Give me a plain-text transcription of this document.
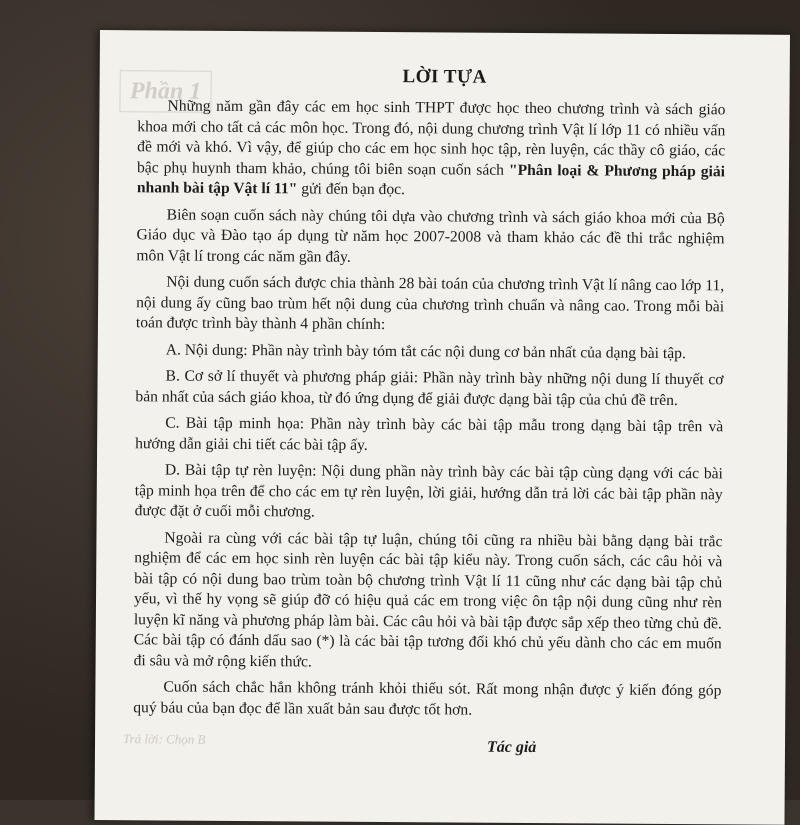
Phần 1
LỜI TỰA

Những năm gần đây các em học sinh THPT được học theo chương trình và sách giáo khoa mới cho tất cả các môn học. Trong đó, nội dung chương trình Vật lí lớp 11 có nhiều vấn đề mới và khó. Vì vậy, để giúp cho các em học sinh học tập, rèn luyện, các thầy cô giáo, các bậc phụ huynh tham khảo, chúng tôi biên soạn cuốn sách "Phân loại & Phương pháp giải nhanh bài tập Vật lí 11" gửi đến bạn đọc.

Biên soạn cuốn sách này chúng tôi dựa vào chương trình và sách giáo khoa mới của Bộ Giáo dục và Đào tạo áp dụng từ năm học 2007-2008 và tham khảo các đề thi trắc nghiệm môn Vật lí trong các năm gần đây.

Nội dung cuốn sách được chia thành 28 bài toán của chương trình Vật lí nâng cao lớp 11, nội dung ấy cũng bao trùm hết nội dung của chương trình chuẩn và nâng cao. Trong mỗi bài toán được trình bày thành 4 phần chính:

A. Nội dung: Phần này trình bày tóm tắt các nội dung cơ bản nhất của dạng bài tập.

B. Cơ sở lí thuyết và phương pháp giải: Phần này trình bày những nội dung lí thuyết cơ bản nhất của sách giáo khoa, từ đó ứng dụng để giải được dạng bài tập của chủ đề trên.

C. Bài tập minh họa: Phần này trình bày các bài tập mẫu trong dạng bài tập trên và hướng dẫn giải chi tiết các bài tập ấy.

D. Bài tập tự rèn luyện: Nội dung phần này trình bày các bài tập cùng dạng với các bài tập minh họa trên để cho các em tự rèn luyện, lời giải, hướng dẫn trả lời các bài tập phần này được đặt ở cuối mỗi chương.

Ngoài ra cùng với các bài tập tự luận, chúng tôi cũng ra nhiều bài bằng dạng bài trắc nghiệm để các em học sinh rèn luyện các bài tập kiểu này. Trong cuốn sách, các câu hỏi và bài tập có nội dung bao trùm toàn bộ chương trình Vật lí 11 cũng như các dạng bài tập chủ yếu, vì thế hy vọng sẽ giúp đỡ có hiệu quả các em trong việc ôn tập nội dung cũng như rèn luyện kĩ năng và phương pháp làm bài. Các câu hỏi và bài tập được sắp xếp theo từng chủ đề. Các bài tập có đánh dấu sao (*) là các bài tập tương đối khó chủ yếu dành cho các em muốn đi sâu và mở rộng kiến thức.

Cuốn sách chắc hẳn không tránh khỏi thiếu sót. Rất mong nhận được ý kiến đóng góp quý báu của bạn đọc để lần xuất bản sau được tốt hơn.

Trả lời: Chọn B	Tác giả
